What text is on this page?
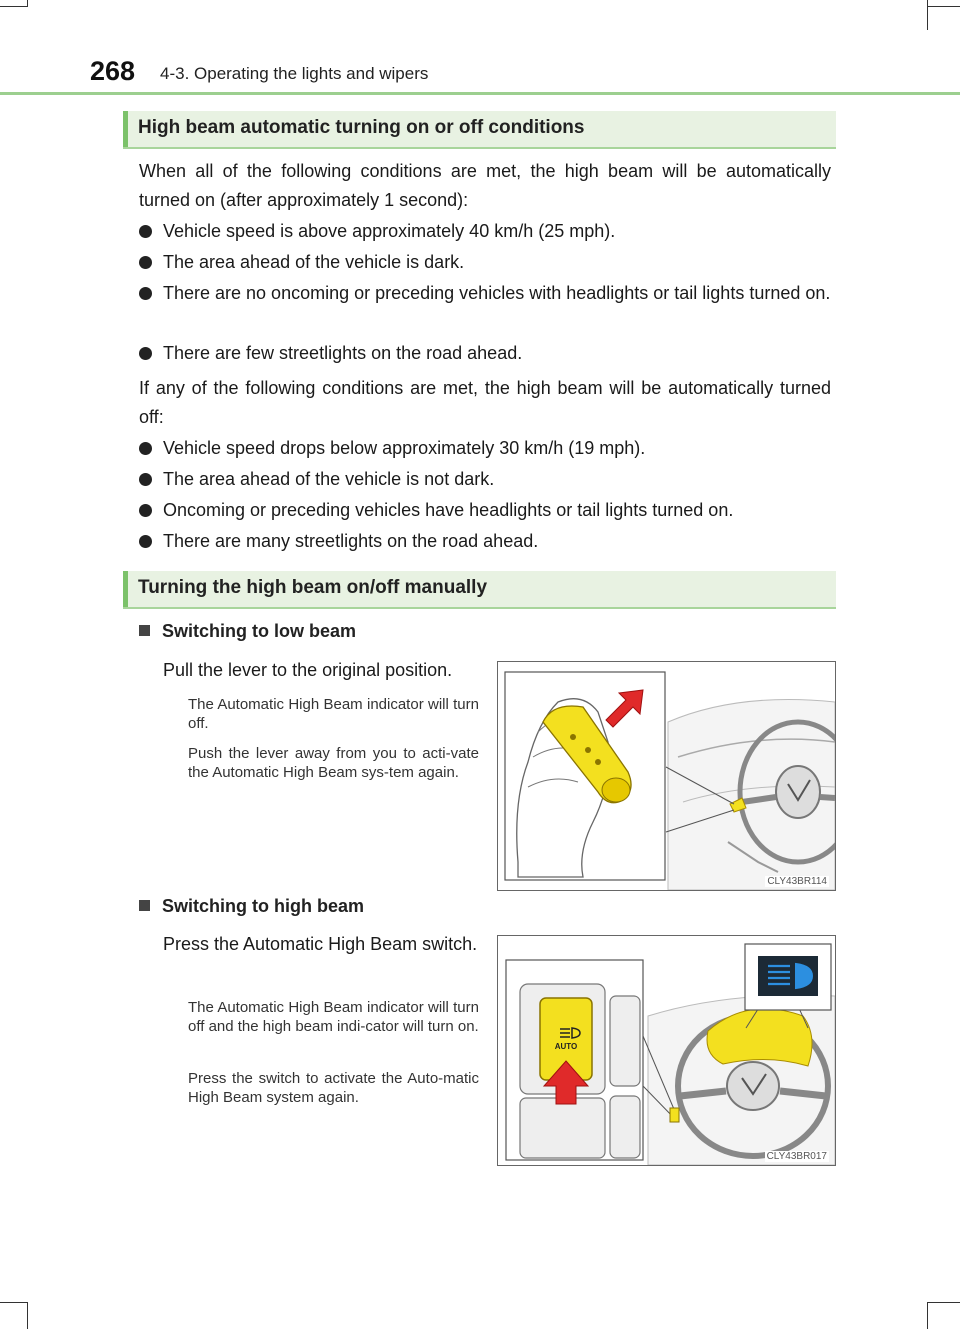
268 4-3. Operating the lights and wipers
High beam automatic turning on or off conditions
When all of the following conditions are met, the high beam will be automatically turned on (after approximately 1 second):
Vehicle speed is above approximately 40 km/h (25 mph).
The area ahead of the vehicle is dark.
There are no oncoming or preceding vehicles with headlights or tail lights turned on.
There are few streetlights on the road ahead.
If any of the following conditions are met, the high beam will be automatically turned off:
Vehicle speed drops below approximately 30 km/h (19 mph).
The area ahead of the vehicle is not dark.
Oncoming or preceding vehicles have headlights or tail lights turned on.
There are many streetlights on the road ahead.
Turning the high beam on/off manually
Switching to low beam
Pull the lever to the original position.
The Automatic High Beam indicator will turn off.
Push the lever away from you to acti-vate the Automatic High Beam sys-tem again.
CLY43BR114
Switching to high beam
Press the Automatic High Beam switch.
The Automatic High Beam indicator will turn off and the high beam indi-cator will turn on.
Press the switch to activate the Auto-matic High Beam system again.
AUTO
CLY43BR017
